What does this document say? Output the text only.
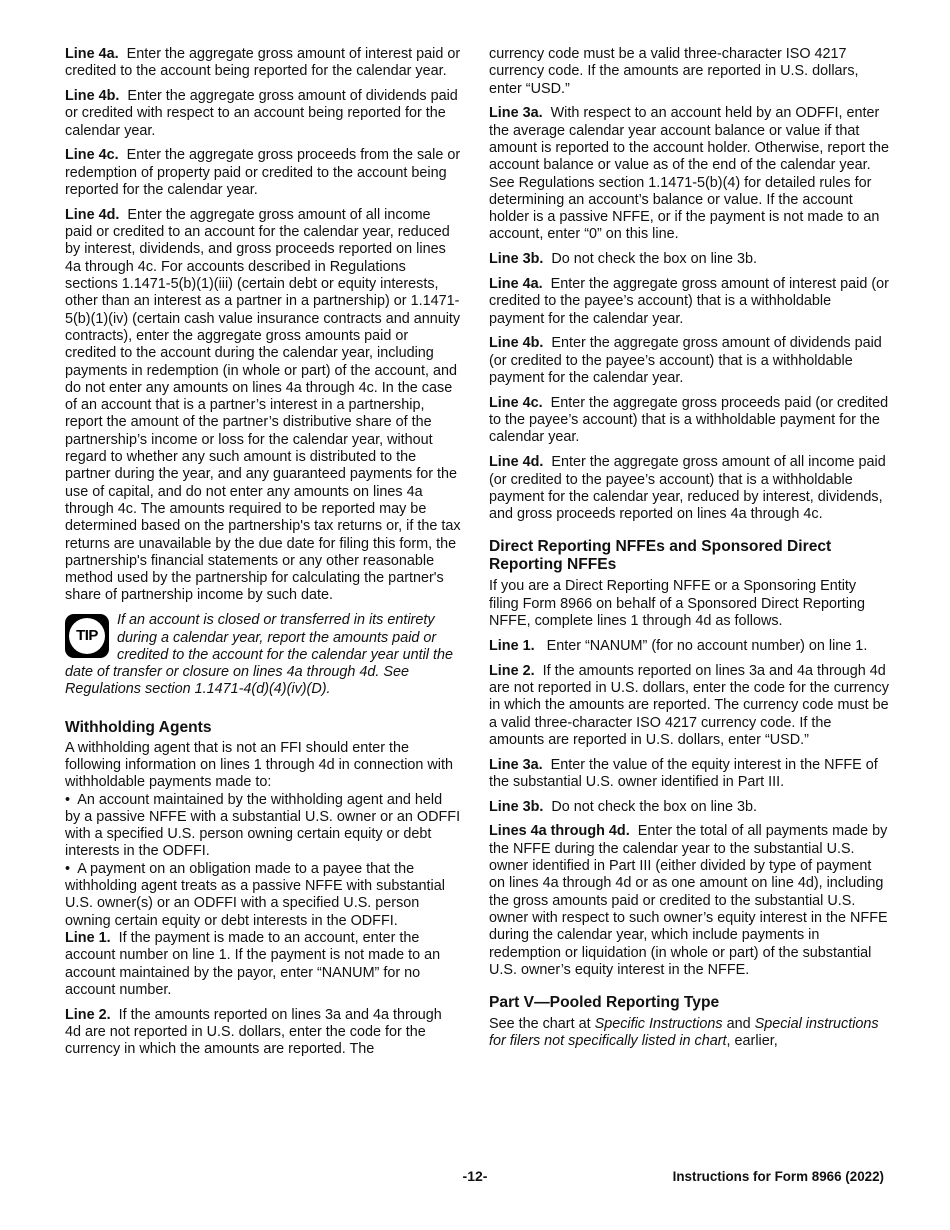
Line 4a. Enter the aggregate gross amount of interest paid or credited to the account being reported for the calendar year.

Line 4b. Enter the aggregate gross amount of dividends paid or credited with respect to an account being reported for the calendar year.

Line 4c. Enter the aggregate gross proceeds from the sale or redemption of property paid or credited to the account being reported for the calendar year.

Line 4d. Enter the aggregate gross amount of all income paid or credited to an account for the calendar year, reduced by interest, dividends, and gross proceeds reported on lines 4a through 4c. For accounts described in Regulations sections 1.1471-5(b)(1)(iii) (certain debt or equity interests, other than an interest as a partner in a partnership) or 1.1471-5(b)(1)(iv) (certain cash value insurance contracts and annuity contracts), enter the aggregate gross amounts paid or credited to the account during the calendar year, including payments in redemption (in whole or part) of the account, and do not enter any amounts on lines 4a through 4c. In the case of an account that is a partner’s interest in a partnership, report the amount of the partner’s distributive share of the partnership’s income or loss for the calendar year, without regard to whether any such amount is distributed to the partner during the year, and any guaranteed payments for the use of capital, and do not enter any amounts on lines 4a through 4c. The amounts required to be reported may be determined based on the partnership's tax returns or, if the tax returns are unavailable by the due date for filing this form, the partnership's financial statements or any other reasonable method used by the partnership for calculating the partner's share of partnership income by such date.

TIP
If an account is closed or transferred in its entirety during a calendar year, report the amounts paid or credited to the account for the calendar year until the date of transfer or closure on lines 4a through 4d. See Regulations section 1.1471-4(d)(4)(iv)(D).
Withholding Agents

A withholding agent that is not an FFI should enter the following information on lines 1 through 4d in connection with withholdable payments made to:

• An account maintained by the withholding agent and held by a passive NFFE with a substantial U.S. owner or an ODFFI with a specified U.S. person owning certain equity or debt interests in the ODFFI.

• A payment on an obligation made to a payee that the withholding agent treats as a passive NFFE with substantial U.S. owner(s) or an ODFFI with a specified U.S. person owning certain equity or debt interests in the ODFFI.

Line 1. If the payment is made to an account, enter the account number on line 1. If the payment is not made to an account maintained by the payor, enter “NANUM” for no account number.

Line 2. If the amounts reported on lines 3a and 4a through 4d are not reported in U.S. dollars, enter the code for the currency in which the amounts are reported. The

currency code must be a valid three-character ISO 4217 currency code. If the amounts are reported in U.S. dollars, enter “USD.”

Line 3a. With respect to an account held by an ODFFI, enter the average calendar year account balance or value if that amount is reported to the account holder. Otherwise, report the account balance or value as of the end of the calendar year. See Regulations section 1.1471-5(b)(4) for detailed rules for determining an account’s balance or value. If the account holder is a passive NFFE, or if the payment is not made to an account, enter “0” on this line.

Line 3b. Do not check the box on line 3b.

Line 4a. Enter the aggregate gross amount of interest paid (or credited to the payee’s account) that is a withholdable payment for the calendar year.

Line 4b. Enter the aggregate gross amount of dividends paid (or credited to the payee’s account) that is a withholdable payment for the calendar year.

Line 4c. Enter the aggregate gross proceeds paid (or credited to the payee’s account) that is a withholdable payment for the calendar year.

Line 4d. Enter the aggregate gross amount of all income paid (or credited to the payee’s account) that is a withholdable payment for the calendar year, reduced by interest, dividends, and gross proceeds reported on lines 4a through 4c.

Direct Reporting NFFEs and Sponsored Direct Reporting NFFEs

If you are a Direct Reporting NFFE or a Sponsoring Entity filing Form 8966 on behalf of a Sponsored Direct Reporting NFFE, complete lines 1 through 4d as follows.

Line 1. Enter “NANUM” (for no account number) on line 1.

Line 2. If the amounts reported on lines 3a and 4a through 4d are not reported in U.S. dollars, enter the code for the currency in which the amounts are reported. The currency code must be a valid three-character ISO 4217 currency code. If the amounts are reported in U.S. dollars, enter “USD.”

Line 3a. Enter the value of the equity interest in the NFFE of the substantial U.S. owner identified in Part III.

Line 3b. Do not check the box on line 3b.

Lines 4a through 4d. Enter the total of all payments made by the NFFE during the calendar year to the substantial U.S. owner identified in Part III (either divided by type of payment on lines 4a through 4d or as one amount on line 4d), including the gross amounts paid or credited to the substantial U.S. owner with respect to such owner’s equity interest in the NFFE during the calendar year, which include payments in redemption or liquidation (in whole or part) of the substantial U.S. owner’s equity interest in the NFFE.

Part V—Pooled Reporting Type

See the chart at Specific Instructions and Special instructions for filers not specifically listed in chart, earlier,

-12-	Instructions for Form 8966 (2022)
